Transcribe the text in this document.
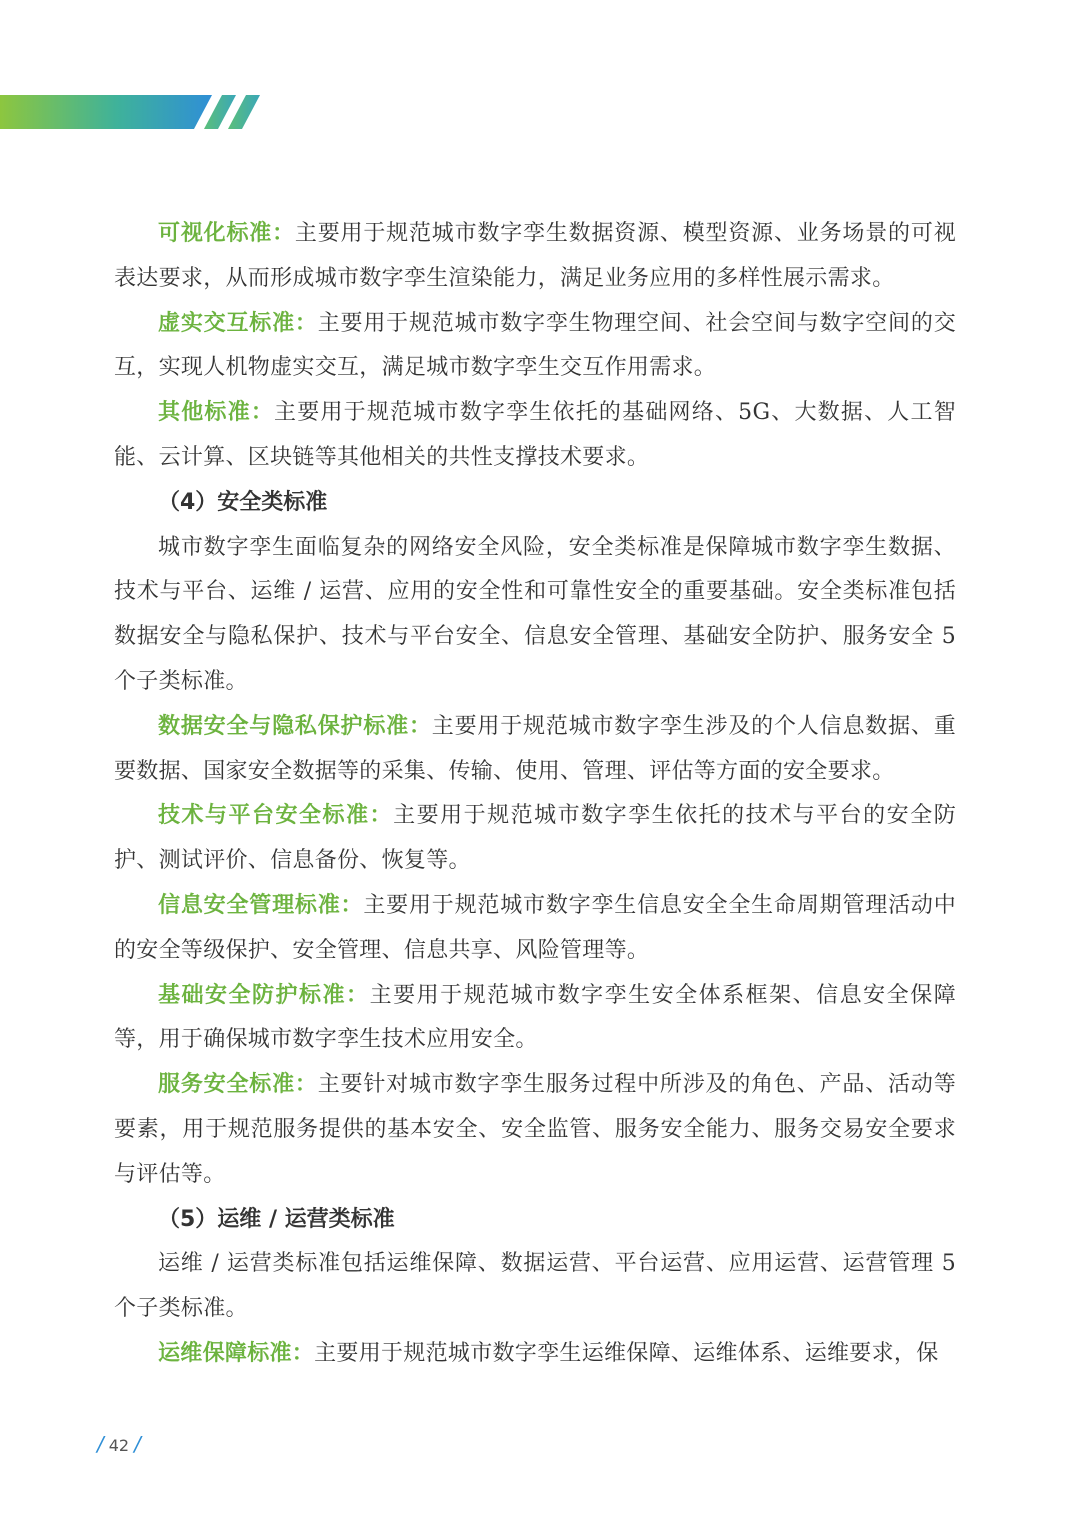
可视化标准：主要用于规范城市数字孪生数据资源、模型资源、业务场景的可视表达要求，从而形成城市数字孪生渲染能力，满足业务应用的多样性展示需求。

虚实交互标准：主要用于规范城市数字孪生物理空间、社会空间与数字空间的交互，实现人机物虚实交互，满足城市数字孪生交互作用需求。

其他标准：主要用于规范城市数字孪生依托的基础网络、5G、大数据、人工智能、云计算、区块链等其他相关的共性支撑技术要求。

（4）安全类标准

城市数字孪生面临复杂的网络安全风险，安全类标准是保障城市数字孪生数据、技术与平台、运维 / 运营、应用的安全性和可靠性安全的重要基础。安全类标准包括数据安全与隐私保护、技术与平台安全、信息安全管理、基础安全防护、服务安全 5 个子类标准。

数据安全与隐私保护标准：主要用于规范城市数字孪生涉及的个人信息数据、重要数据、国家安全数据等的采集、传输、使用、管理、评估等方面的安全要求。

技术与平台安全标准：主要用于规范城市数字孪生依托的技术与平台的安全防护、测试评价、信息备份、恢复等。

信息安全管理标准：主要用于规范城市数字孪生信息安全全生命周期管理活动中的安全等级保护、安全管理、信息共享、风险管理等。

基础安全防护标准：主要用于规范城市数字孪生安全体系框架、信息安全保障等，用于确保城市数字孪生技术应用安全。

服务安全标准：主要针对城市数字孪生服务过程中所涉及的角色、产品、活动等要素，用于规范服务提供的基本安全、安全监管、服务安全能力、服务交易安全要求与评估等。

（5）运维 / 运营类标准

运维 / 运营类标准包括运维保障、数据运营、平台运营、应用运营、运营管理 5 个子类标准。

运维保障标准：主要用于规范城市数字孪生运维保障、运维体系、运维要求，保

/ 42 /
